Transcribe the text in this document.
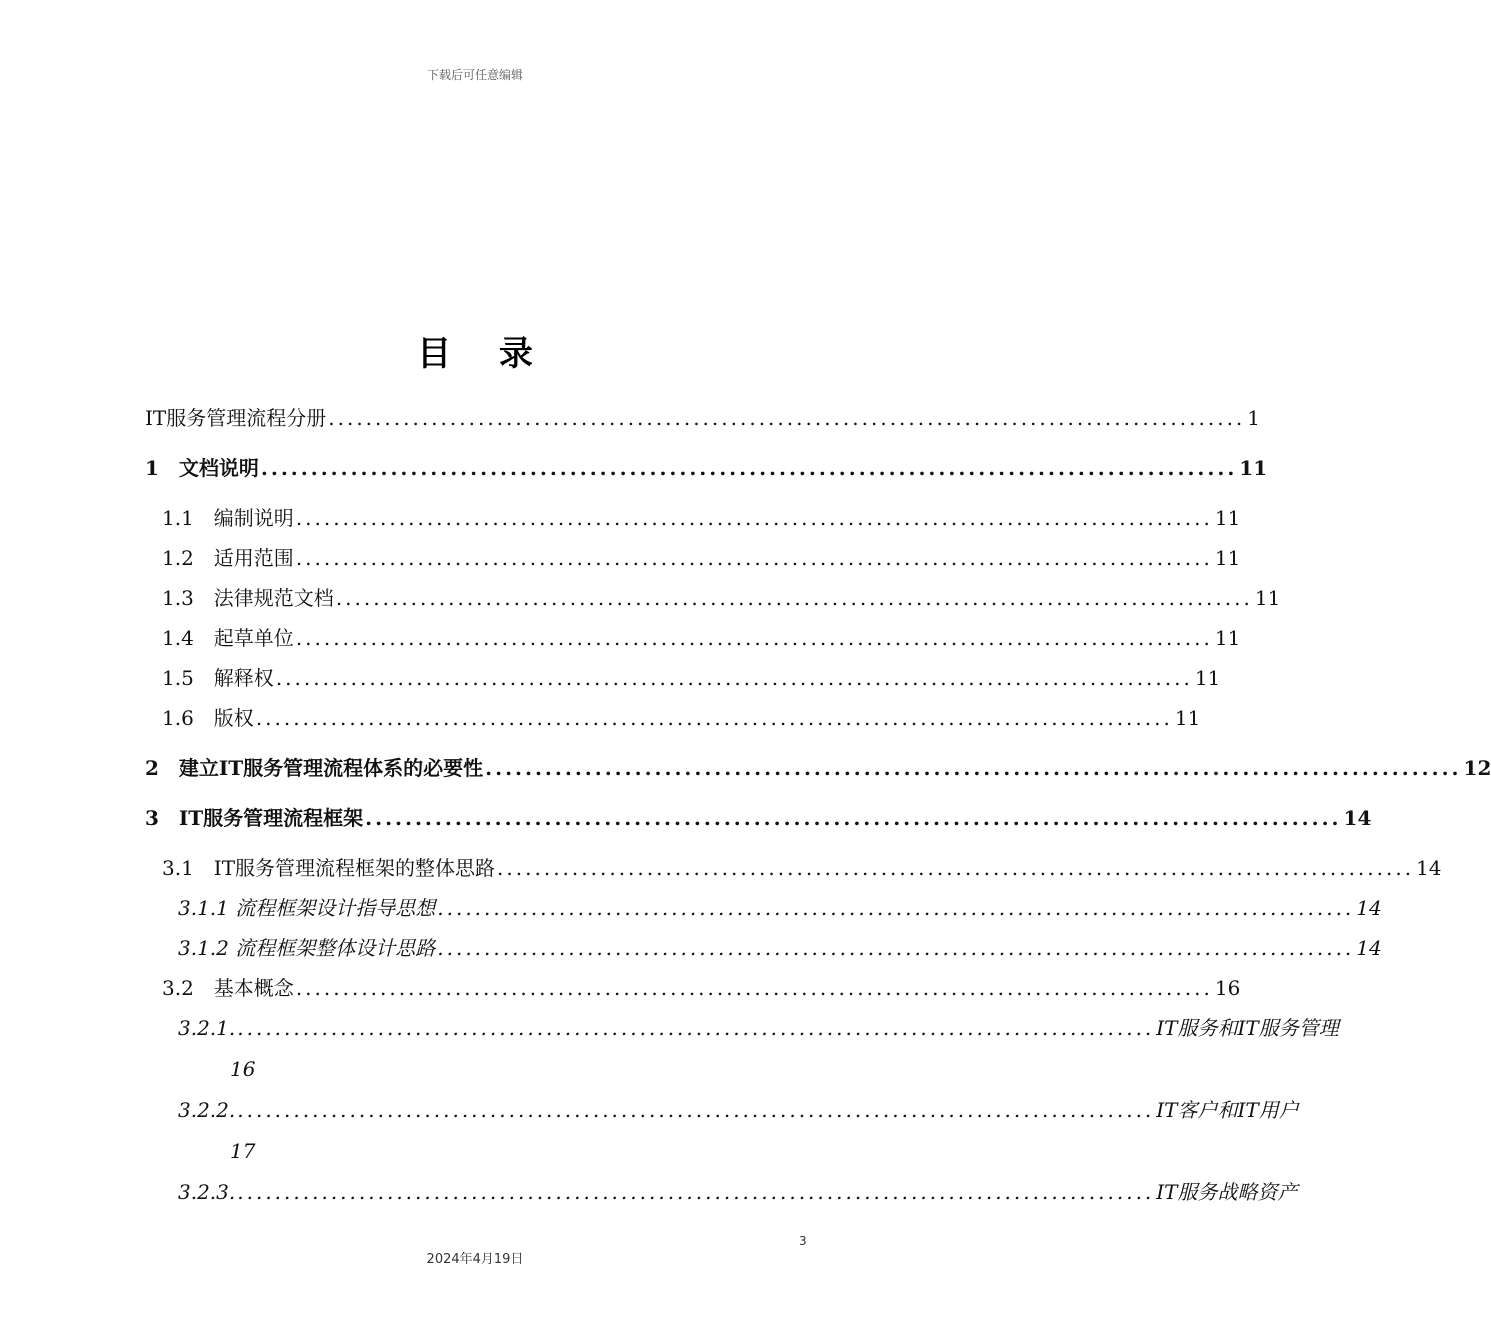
下载后可任意编辑
目 录
IT服务管理流程分册 .................................................................................................. 1
1　文档说明 .................................................................................................. 11
1.1　编制说明 .................................................................................................. 11
1.2　适用范围 .................................................................................................. 11
1.3　法律规范文档 .................................................................................................. 11
1.4　起草单位 .................................................................................................. 11
1.5　解释权 .................................................................................................. 11
1.6　版权 .................................................................................................. 11
2　建立IT服务管理流程体系的必要性 .................................................................................................. 12
3　IT服务管理流程框架 .................................................................................................. 14
3.1　IT服务管理流程框架的整体思路 .................................................................................................. 14
3.1.1 流程框架设计指导思想 .................................................................................................. 14
3.1.2 流程框架整体设计思路 .................................................................................................. 14
3.2　基本概念 .................................................................................................. 16
3.2.1. .................................................................................................. IT服务和IT服务管理
16
3.2.2. .................................................................................................. IT客户和IT用户
17
3.2.3. .................................................................................................. IT服务战略资产
3
2024年4月19日
